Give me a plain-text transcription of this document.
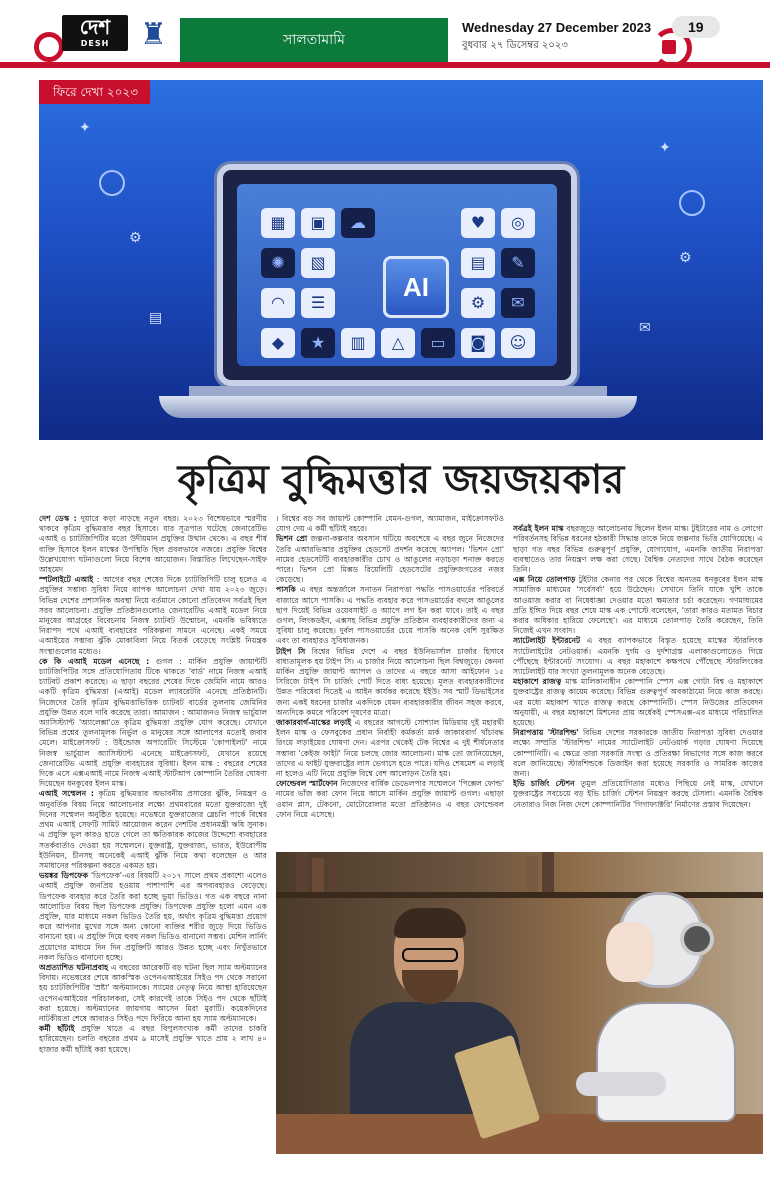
দেশ
DESH	♜	সালতামামি
Wednesday 27 December 2023
বুধবার ২৭ ডিসেম্বর ২০২৩
19
✦
✦
⚙
⚙
▤
✉
▦	▣	☁	♥	◎
✺	▧	▤	✎
◠	☰	⚙	✉
◆	★	▥	△	▭	◙	☺
AI
ফিরে দেখা ২০২৩
কৃত্রিম বুদ্ধিমত্তার জয়জয়কার
দেশ ডেস্ক : দুয়ারে কড়া নাড়ছে নতুন বছর। ২০২৩ বিশেষভাবে স্মরণীয় থাকবে কৃত্রিম বুদ্ধিমত্তার বছর হিসাবে। যার সূত্রপাত ঘটেছে জেনারেটিভ এআই ও চ্যাটজিপিটির মতো উদীয়মান প্রযুক্তির উত্থান থেকে। এ বছর শীর্ষ ব্যক্তি হিসাবে ইলন মাস্কের উপস্থিতি ছিল প্রবলভাবে নজরে। প্রযুক্তি বিশ্বের উল্লেখযোগ্য ঘটনাগুলো নিয়ে বিশেষ আয়োজন। বিস্তারিত লিখেছেন-সাইফ আহমেদ
স্পটলাইটে এআই : আগের বছর শেষের দিকে চ্যাটজিপিটি চালু হলেও এ প্রযুক্তির সম্ভাব্য সুবিধা নিয়ে ব্যাপক আলোচনা দেখা যায় ২০২৩ জুড়ে। বিভিন্ন দেশের প্রশাসনিক অবস্থা নিয়ে বর্তমানে কোনো প্রতিবেদন সর্বত্রই ছিল সরব আলোচনা। প্রযুক্তি প্রতিষ্ঠানগুলোও জেনারেটিভ এআই মডেল নিয়ে মানুষের আগ্রহের বিবেচনায় নিজস্ব চ্যাটবট উন্মোচন, এমনকি ভবিষ্যতে নিরাপদ পথে এআই ব্যবহারের পরিকল্পনা সামনে এনেছে। একই সময়ে এআইয়ের সম্ভাব্য ঝুঁকি মোকাবিলা নিয়ে বিতর্ক বেড়েছে সংশ্লিষ্ট নিয়ন্ত্রক সংস্থাগুলোর মধ্যেও।
কে কি এআই মডেল এনেছে : গুগল : মার্কিন প্রযুক্তি জায়ান্টটি চ্যাটজিপিটির সঙ্গে প্রতিযোগিতায় টিকে থাকতে 'বার্ড' নামে নিজস্ব এআই চ্যাটবট প্রকাশ করেছে। এ ছাড়া বছরের শেষের দিকে জেমিনি নামে আরও একটি কৃত্রিম বুদ্ধিমত্তা (এআই) মডেল ল্যাবরেটরি এনেছে প্রতিষ্ঠানটি। নিজেদের তৈরি কৃত্রিম বুদ্ধিমত্তাভিত্তিক চ্যাটবট বার্ডের তুলনায় জেমিনির প্রযুক্তি উন্নত বলে দাবি করেছে তারা। আমাজন : আমাজনও নিজস্ব ভার্চুয়াল অ্যাসিস্ট্যান্ট 'অ্যালেক্সা'তে কৃত্রিম বুদ্ধিমত্তা প্রযুক্তি যোগ করেছে। যেখানে বিভিন্ন প্রশ্নের তুলনামূলক নির্ভুল ও মানুষের সঙ্গে আলাপের মতোই জবাব মেলে। মাইক্রোসফট : উইন্ডোজ অপারেটিং সিস্টেমে 'কোপাইলট' নামে নিজস্ব ভার্চুয়াল অ্যাসিস্ট্যান্ট এনেছে মাইক্রোসফট, যেখানে রয়েছে জেনারেটিভ এআই প্রযুক্তি ব্যবহারের সুবিধা। ইলন মাস্ক : বছরের শেষের দিকে এসে এক্সএআই নামে নিজস্ব এআই স্টার্টআপ কোম্পানি তৈরির ঘোষণা দিয়েছেন ধনকুবের ইলন মাস্ক।
এআই সম্মেলন : কৃত্রিম বুদ্ধিমত্তার অভাবনীয় প্রসারের ঝুঁকি, নিয়ন্ত্রণ ও অনুবর্তিক বিষয় নিয়ে আলোচনার লক্ষ্যে প্রথমবারের মতো যুক্তরাজ্যে দুই দিনের সম্মেলন অনুষ্ঠিত হয়েছে। নভেম্বরে যুক্তরাজ্যের ব্লেচলি পার্কে বিশ্বের প্রথম এআই সেফটি সামিট আয়োজন করেন দেশটির প্রধানমন্ত্রী ঋষি সুনাক। এ প্রযুক্তি ভুল কারও হাতে গেলে তা ক্ষতিকারক কাজের উদ্দেশ্যে ব্যবহারের সতর্কবার্তাও দেওয়া হয় সম্মেলনে। যুক্তরাষ্ট্র, যুক্তরাজ্য, ভারত, ইউরোপীয় ইউনিয়ন, চীনসহ অনেকেই এআই ঝুঁকি নিয়ে কথা বলেছেন ও আর সমাধানের পরিকল্পনা করতে একমত হয়।
ভয়ঙ্কর ডিপফেক 'ডিপফেক'-এর বিষয়টি ২০১৭ সালে প্রথম প্রকাশ্যে এলেও এআই প্রযুক্তি জনপ্রিয় হওয়ায় পাশাপাশি এর অপব্যবহারও বেড়েছে। ডিপফেক ব্যবহার করে তৈরি করা হচ্ছে ভুয়া ভিডিও। গত এক বছরে নানা আলোচিত বিষয় ছিল ডিপফেক প্রযুক্তি। ডিপফেক প্রযুক্তি হলো এমন এক প্রযুক্তি, যার মাধ্যমে নকল ভিডিও তৈরি হয়, অর্থাৎ কৃত্রিম বুদ্ধিমত্তা প্রয়োগ করে আপনার মুখের সঙ্গে অন্য কোনো ব্যক্তির শরীর জুড়ে দিয়ে ভিডিও বানানো হয়। এ প্রযুক্তি দিয়ে হুবহু নকল ভিডিও বানানো সম্ভব। মেশিন লার্নিং প্রয়োগের মাধ্যমে দিন দিন প্রযুক্তিটি আরও উন্নত হচ্ছে এবং নিখুঁতভাবে নকল ভিডিও বানানো হচ্ছে।
অপ্রত্যাশিত ঘটনাপ্রবাহ এ বছরের আরেকটি বড় ঘটনা ছিল স্যাম অল্টম্যানের বিদায়। নভেম্বরের শেষে আকস্মিক ওপেনএআইয়ের সিইও পদ থেকে সরানো হয় চ্যাটজিপিটির 'স্রষ্টা' অল্টম্যানকে। স্যামের নেতৃত্ব নিয়ে আস্থা হারিয়েছেন ওপেনএআইয়ের পরিচালকরা, সেই কারণেই তাকে সিইও পদ থেকে ছাঁটাই করা হয়েছে। অল্টম্যানের জায়গায় আসেন মিরা মুরাটি। কয়েকদিনের নাটকীয়তা শেষে আবারও সিইও পদে ফিরিয়ে আনা হয় স্যাম অল্টম্যানকে।
কর্মী ছাঁটাই প্রযুক্তি খাতে এ বছর বিপুলসংখ্যক কর্মী তাদের চাকরি হারিয়েছেন। চলতি বছরের প্রথম ৯ মাসেই প্রযুক্তি খাতে প্রায় ২ লাখ ৪০ হাজার কর্মী ছাঁটাই করা হয়েছে।
। বিশ্বের বড় সব জায়ান্ট কোম্পানি যেমন-গুগল, অ্যামাজন, মাইক্রোসফটও যোগ দেয় এ কর্মী ছাঁটাই বহরে।
ভিশন প্রো জল্পনা-কল্পনার অবসান ঘটিয়ে অবশেষে এ বছর জুনে নিজেদের তৈরি এআরভিআর প্রযুক্তির হেডসেট প্রদর্শন করেছে অ্যাপল। 'ভিশন প্রো' নামের হেডসেটটি ব্যবহারকারীর চোখ ও আঙুলের নড়াচড়া শনাক্ত করতে পারে। ভিশন প্রো মিক্সড রিয়েলিটি হেডসেটের প্রযুক্তিজগতের নজর কেড়েছে।
পাসকি এ বছর অন্তর্জালে সনাতন নিরাপত্তা পদ্ধতি পাসওয়ার্ডের পরিবর্তে বাজারে আসে পাসকি। এ পদ্ধতি ব্যবহার করে পাসওয়ার্ডের বদলে আঙুলের ছাপ দিয়েই বিভিন্ন ওয়েবসাইট ও অ্যাপে লগ ইন করা যাবে। তাই এ বছর গুগল, লিংকডইন, এক্সসহ বিভিন্ন প্রযুক্তি প্রতিষ্ঠান ব্যবহারকারীদের জন্য এ সুবিধা চালু করেছে। দুর্বল পাসওয়ার্ডের চেয়ে পাসকি অনেক বেশি সুরক্ষিত এবং তা ব্যবহারও সুবিধাজনক।
টাইপ সি বিশ্বের বিভিন্ন দেশে এ বছর ইউনিভার্সাল চার্জার হিসাবে বাধ্যতামূলক হয় টাইপ সি। এ চার্জার নিয়ে আলোচনা ছিল বিশ্বজুড়ে। কেননা মার্কিন প্রযুক্তি জায়ান্ট অ্যাপল ও তাদের এ বছরে আসা আইফোন ১৫ সিরিজে টাইপ সি চার্জিং পোর্ট দিতে বাধ্য হয়েছে। মূলত ব্যবহারকারীদের উন্নত পরিষেবা দিতেই এ আইন কার্যকর করেছে ইইউ। সব স্মার্ট ডিভাইসের জন্য একই ধরনের চার্জার একদিকে যেমন ব্যবহারকারীর জীবন সহজ করবে, অন্যদিকে কমবে পরিবেশ দূষণের মাত্রা।
জাকারবার্গ-মাস্কের লড়াই এ বছরের আগস্টে সোশ্যাল মিডিয়ায় দুই মহারথী ইলন মাস্ক ও ফেসবুকের প্রধান নির্বাহী কর্মকর্তা মার্ক জাকারবার্গ খাঁচাবদ্ধ রিংয়ে লড়াইয়ের ঘোষণা দেন। এরপর থেকেই টেক বিশ্বের এ দুই শীর্ষনেতার সম্ভাব্য 'কেইজ ফাইট' নিয়ে চলছে জোর আলোচনা। মাস্ক তো জানিয়েছেন, তাদের এ ফাইট যুক্তরাষ্ট্রের লাস ভেগাসে হতে পারে। যদিও শেষমেশ এ লড়াই না হলেও এটি নিয়ে প্রযুক্তি বিশ্বে বেশ আলোড়ন তৈরি হয়।
ফোল্ডেবল স্মার্টফোন নিজেদের বার্ষিক ডেভেলপার সম্মেলনে 'পিক্সেল ফোল্ড' নামের ভাঁজ করা ফোন নিয়ে আসে মার্কিন প্রযুক্তি জায়ান্ট গুগল। এছাড়া ওয়ান প্লাস, টেকনো, মোটোরোলার মতো প্রতিষ্ঠানও এ বছর ফোল্ডেবল ফোন নিয়ে এসেছে।

সর্বত্রই ইলন মাস্ক বছরজুড়ে আলোচনায় ছিলেন ইলন মাস্ক। টুইটারের নাম ও লোগো পরিবর্তনসহ বিভিন্ন ধরনের হঠকারী সিদ্ধান্ত তাকে নিয়ে জল্পনার ভিত্তি যোগিয়েছে। এ ছাড়া গত বছর বিভিন্ন গুরুত্বপূর্ণ প্রযুক্তি, যোগাযোগ, এমনকি জাতীয় নিরাপত্তা ব্যবস্থাতেও তার নিয়ন্ত্রণ লক্ষ করা গেছে। বৈশ্বিক নেতাদের সাথে বৈঠক করেছেন তিনি।
এক্স নিয়ে তোলপাড় টুইটার কেনার পর থেকে বিশ্বের অন্যতম ধনকুবের ইলন মাস্ক সামাজিক মাধ্যমের 'সর্বেসর্বা' হয়ে উঠেছেন। সেখানে তিনি যাকে খুশি তাকে আওয়াজ করার বা নিষেধাজ্ঞা দেওয়ার মতো ক্ষমতার চর্চা করেছেন। গণমাধ্যমের প্রতি ইঙ্গিত দিয়ে বছর শেষে মাস্ক এক পোস্টে বলেছেন, 'তারা কারও মতামত বিচার করার অধিকার হারিয়ে ফেলেছে'। এর মাধ্যমে তোলপাড় তৈরি করেছেন, তিনি নিজেই এখন সংবাদ।
স্যাটেলাইট ইন্টারনেট এ বছর ব্যাপকভাবে বিস্তৃত হয়েছে মাস্কের স্টারলিংক স্যাটেলাইটের নেটওয়ার্ক। এমনকি দুর্গম ও দুর্দশাগ্রস্ত এলাকাগুলোতেও গিয়ে পৌঁছেছে ইন্টারনেট সংযোগ। এ বছর মহাকাশে কক্ষপথে পৌঁছেছে স্টারলিংকের স্যাটেলাইট যার সংখ্যা তুলনামূলক অনেক বেড়েছে।
মহাকাশে রাজত্ব মাস্ক মালিকানাধীন কোম্পানি স্পেস এক্স গোটা বিশ্ব ও মহাকাশে যুক্তরাষ্ট্রের রাজত্ব কায়েম করেছে। বিভিন্ন গুরুত্বপূর্ণ অবকাঠামো নিয়ে কাজ করছে। এর মধ্যে মহাকাশ খাতে রাজত্ব করছে কোম্পানিটি। স্পেস নিউজের প্রতিবেদন অনুযায়ী, এ বছর মহাকাশে মিশনের প্রায় অর্ধেকই স্পেসএক্স-এর মাধ্যমে পরিচালিত হয়েছে।
নিরাপত্তায় 'স্টারশিল্ড' বিভিন্ন দেশের সরকারকে জাতীয় নিরাপত্তা সুবিধা দেওয়ার লক্ষ্যে সম্প্রতি 'স্টারশিল্ড' নামের স্যাটেলাইট নেটওয়ার্ক গড়ার ঘোষণা দিয়েছে কোম্পানিটি। এ ক্ষেত্রে তারা সরকারি সংস্থা ও প্রতিরক্ষা বিভাগের সঙ্গে কাজ করবে বলে জানিয়েছে। স্টারশিল্ডকে ডিজাইন করা হয়েছে সরকারি ও সামরিক কাজের জন্য।
ইভি চার্জিং স্টেশন তুমুল প্রতিযোগিতার মধ্যেও পিছিয়ে নেই মাস্ক, যেখানে যুক্তরাষ্ট্রের সবচেয়ে বড় ইভি চার্জিং স্টেশন নিয়ন্ত্রণ করছে টেসলা। এমনকি বৈশ্বিক নেতারাও নিজ নিজ দেশে কোম্পানিটির 'গিগাফ্যাক্টরি' নির্মাণের প্রস্তাব দিয়েছেন।
